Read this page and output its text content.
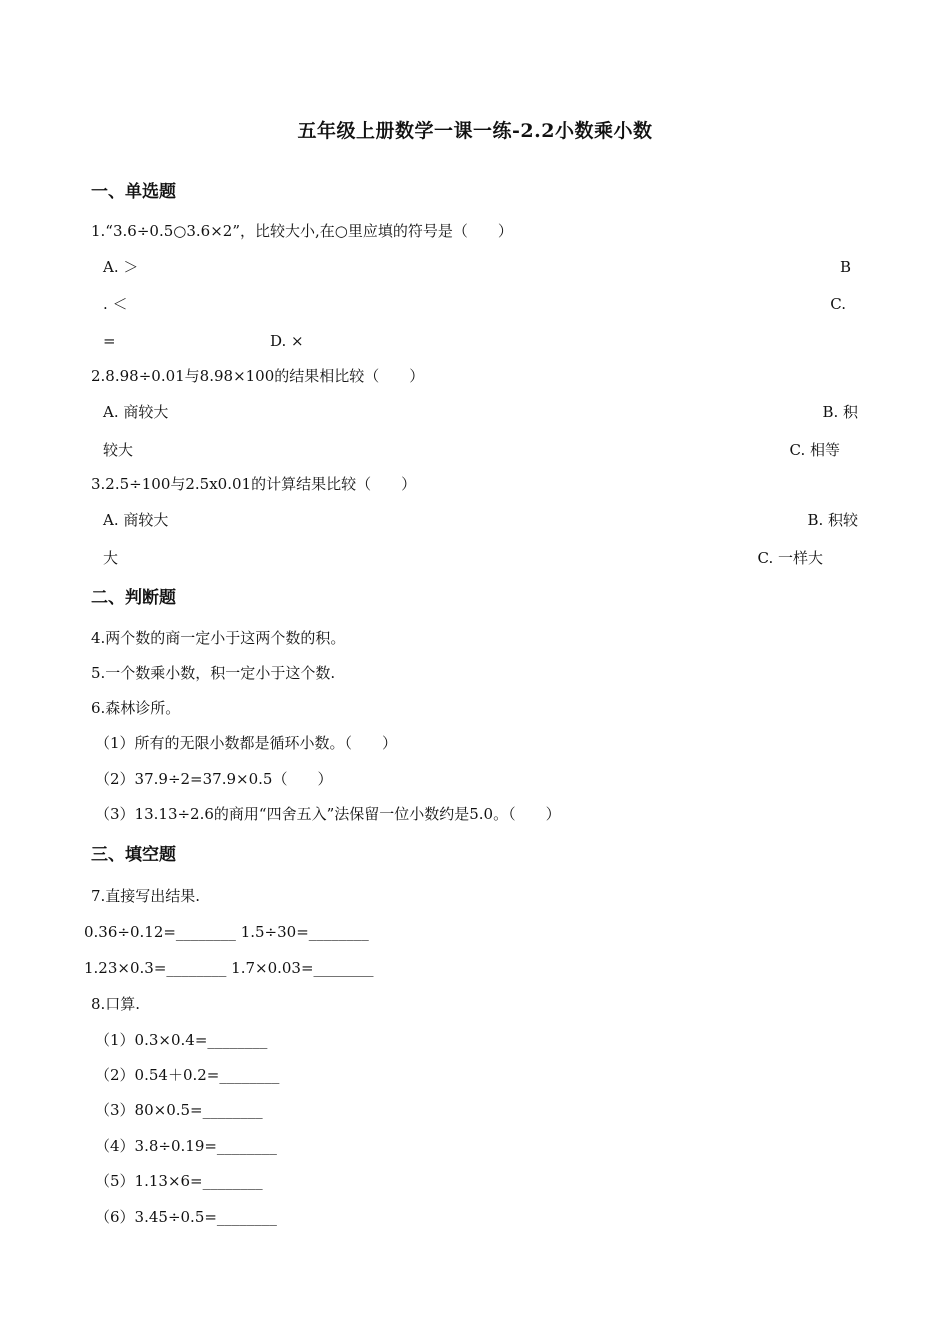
五年级上册数学一课一练-2.2小数乘小数
一、单选题
1.“3.6÷0.5○3.6×2”，比较大小,在○里应填的符号是（　　）
A. ＞	B
. ＜	C.
=	D. ×
2.8.98÷0.01与8.98×100的结果相比较（　　）
A. 商较大	B. 积
较大	C. 相等
3.2.5÷100与2.5x0.01的计算结果比较（　　）
A. 商较大	B. 积较
大	C. 一样大
二、判断题
4.两个数的商一定小于这两个数的积。
5.一个数乘小数，积一定小于这个数.
6.森林诊所。
（1）所有的无限小数都是循环小数。（　　）
（2）37.9÷2=37.9×0.5（　　）
（3）13.13÷2.6的商用“四舍五入”法保留一位小数约是5.0。（　　）
三、填空题
7.直接写出结果.
0.36÷0.12=________ 1.5÷30=________
1.23×0.3=________ 1.7×0.03=________
8.口算.
（1）0.3×0.4=________
（2）0.54＋0.2=________
（3）80×0.5=________
（4）3.8÷0.19=________
（5）1.13×6=________
（6）3.45÷0.5=________
